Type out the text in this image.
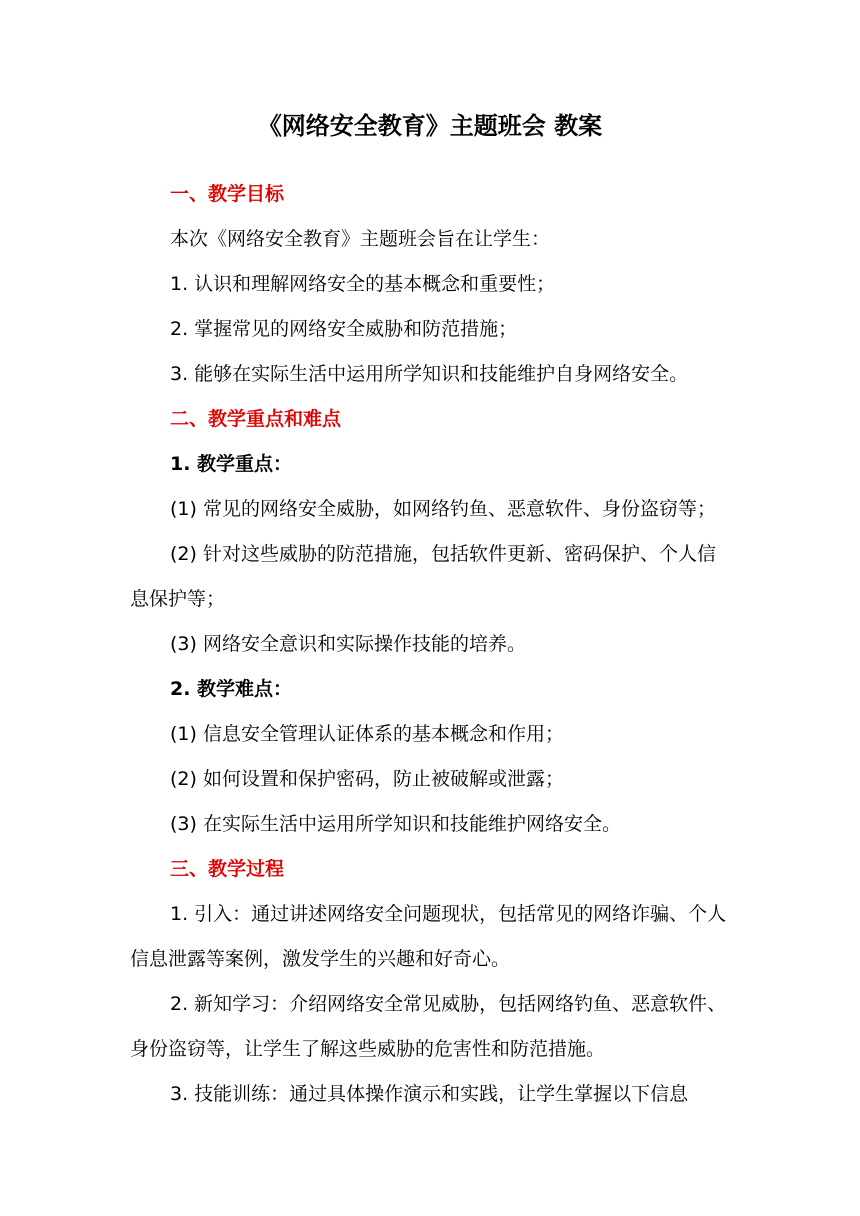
《网络安全教育》主题班会 教案

一、教学目标

本次《网络安全教育》主题班会旨在让学生：

1. 认识和理解网络安全的基本概念和重要性；

2. 掌握常见的网络安全威胁和防范措施；

3. 能够在实际生活中运用所学知识和技能维护自身网络安全。

二、教学重点和难点

1. 教学重点：

(1) 常见的网络安全威胁，如网络钓鱼、恶意软件、身份盗窃等；

(2) 针对这些威胁的防范措施，包括软件更新、密码保护、个人信息保护等；

(3) 网络安全意识和实际操作技能的培养。

2. 教学难点：

(1) 信息安全管理认证体系的基本概念和作用；

(2) 如何设置和保护密码，防止被破解或泄露；

(3) 在实际生活中运用所学知识和技能维护网络安全。

三、教学过程

1. 引入：通过讲述网络安全问题现状，包括常见的网络诈骗、个人信息泄露等案例，激发学生的兴趣和好奇心。

2. 新知学习：介绍网络安全常见威胁，包括网络钓鱼、恶意软件、身份盗窃等，让学生了解这些威胁的危害性和防范措施。

3. 技能训练：通过具体操作演示和实践，让学生掌握以下信息
